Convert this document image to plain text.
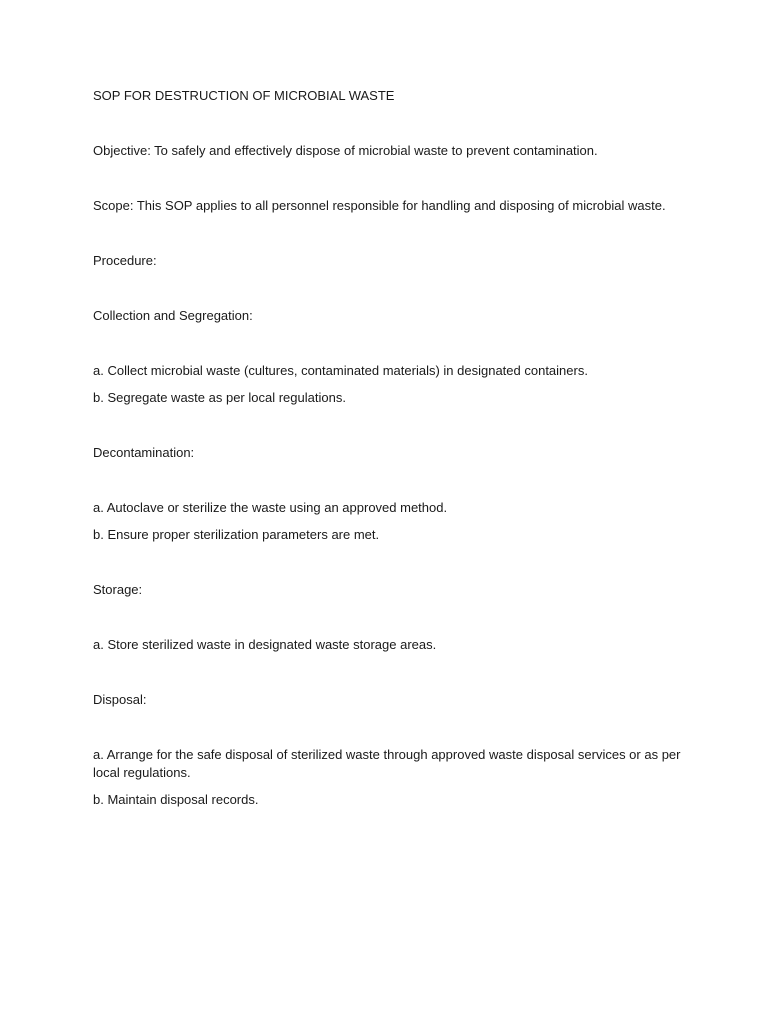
SOP FOR DESTRUCTION OF MICROBIAL WASTE

Objective: To safely and effectively dispose of microbial waste to prevent contamination.

Scope: This SOP applies to all personnel responsible for handling and disposing of microbial waste.

Procedure:

Collection and Segregation:

a. Collect microbial waste (cultures, contaminated materials) in designated containers.

b. Segregate waste as per local regulations.

Decontamination:

a. Autoclave or sterilize the waste using an approved method.

b. Ensure proper sterilization parameters are met.

Storage:

a. Store sterilized waste in designated waste storage areas.

Disposal:

a. Arrange for the safe disposal of sterilized waste through approved waste disposal services or as per local regulations.

b. Maintain disposal records.
